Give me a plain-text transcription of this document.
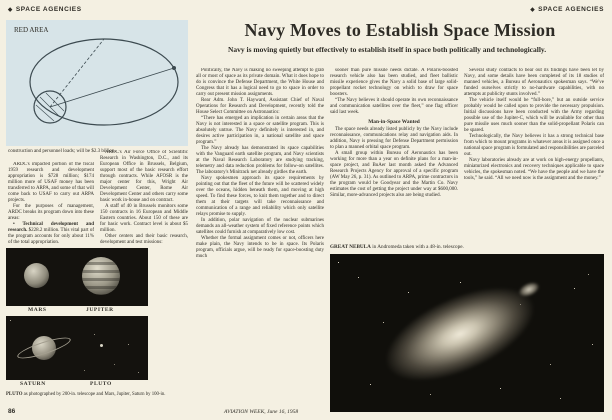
◆ SPACE AGENCIES	◆ SPACE AGENCIES
RED AREA
construction and personnel loads; will be $2.3 billion.

ARDC's impacted portion of the fiscal 1959 research and development appropriation is $728 million; $174 million more of USAF money has been transferred to ARPA, and some of that will come back to USAF to carry out ARPA projects.

For the purposes of management, ARDC breaks its program down into these areas:

• Technical development and research. $228.2 million. This vital part of the program accounts for only about 11% of the total appropriation.

ARDC's Air Force Office of Scientific Research in Washington, D.C., and its European Office in Brussels, Belgium, support most of the basic research effort through contracts. While AFOSR is the major center for this, Wright Air Development Center, Rome Air Development Center and others carry some basic work in-house and on contract.

A staff of 40 in Brussels monitors some 150 contracts in 16 European and Middle Eastern countries. About 150 of these are for basic work. Contract level is about $5 million.

Other centers and their basic research, development and test missions:

Navy Moves to Establish Space Mission
Navy is moving quietly but effectively to establish itself in space both politically and technologically.

Politically, the Navy is making no sweeping attempt to grab all or most of space as its private domain. What it does hope to do is convince the Defense Department, the White House and Congress that it has a logical need to go to space in order to carry out present mission assignments.

Rear Adm. John T. Hayward, Assistant Chief of Naval Operations for Research and Development, recently told the House Select Committee on Astronautics:

“There has emerged an implication in certain areas that the Navy is not interested in a space or satellite program. This is absolutely untrue. The Navy definitely is interested in, and desires active participation in, a national satellite and space program.”

The Navy already has demonstrated its space capabilities with the Vanguard earth satellite program, and Navy scientists at the Naval Research Laboratory are studying tracking, telemetry and data reduction problems for follow-on satellites. The laboratory's Minitrack net already girdles the earth.

Navy spokesmen approach its space requirements by pointing out that the fleet of the future will be scattered widely over the oceans, hidden beneath them, and moving at high speed. To find these forces, to knit them together and to direct them at their targets will take reconnaissance and communication of a range and reliability which only satellite relays promise to supply.

In addition, polar navigation of the nuclear submarines demands an all-weather system of fixed reference points which satellites could furnish at comparatively low cost.

Whether the formal assignment comes or not, officers here make plain, the Navy intends to be in space. Its Polaris program, officials argue, will be ready for space-boosting duty much

sooner than pure missile needs dictate. A Polaris-boosted research vehicle also has been studied, and fleet ballistic missile experience gives the Navy a solid base of large solid-propellant rocket technology on which to draw for space boosters.

“The Navy believes it should operate its own reconnaissance and communication satellites over the fleet,” one flag officer said last week.

Man-in-Space Wanted

The space needs already listed publicly by the Navy include reconnaissance, communications relay and navigation aids. In addition, Navy is pressing for Defense Department permission to plan a manned orbital space program.

A small group within Bureau of Aeronautics has been working for more than a year on definite plans for a man-in-space project, and BuAer last month asked the Advanced Research Projects Agency for approval of a specific program (AW May 26, p. 31). As outlined to ARPA, prime contractors in the program would be Goodyear and the Martin Co. Navy estimates the cost of getting the project under way at $600,000. Similar, more-advanced projects also are being studied.

Several study contracts to bear out its findings have been let by Navy, and some details have been completed of its 18 studies of manned vehicles, a Bureau of Aeronautics spokesman says. “We've funded ourselves strictly to no-hardware capabilities, with no attempts at publicity stunts involved.”

The vehicle itself would be “full-bore,” but an outside service probably would be called upon to provide the necessary propulsion. Initial discussions have been conducted with the Army regarding possible use of the Jupiter-C, which will be available for other than pure missile uses much sooner than the solid-propellant Polaris can be spared.

Technologically, the Navy believes it has a strong technical base from which to mount programs in whatever areas it is assigned once a national space program is formulated and responsibilities are parceled out.

Navy laboratories already are at work on high-energy propellants, miniaturized electronics and recovery techniques applicable to space vehicles, the spokesman noted. “We have the people and we have the tools,” he said. “All we need now is the assignment and the money.”

MARS	JUPITER
SATURN	PLUTO
PLUTO as photographed by 200-in. telescope and Mars, Jupiter, Saturn by 100-in.
GREAT NEBULA in Andromeda taken with a 48-in. telescope.
86	AVIATION WEEK, June 16, 1958
